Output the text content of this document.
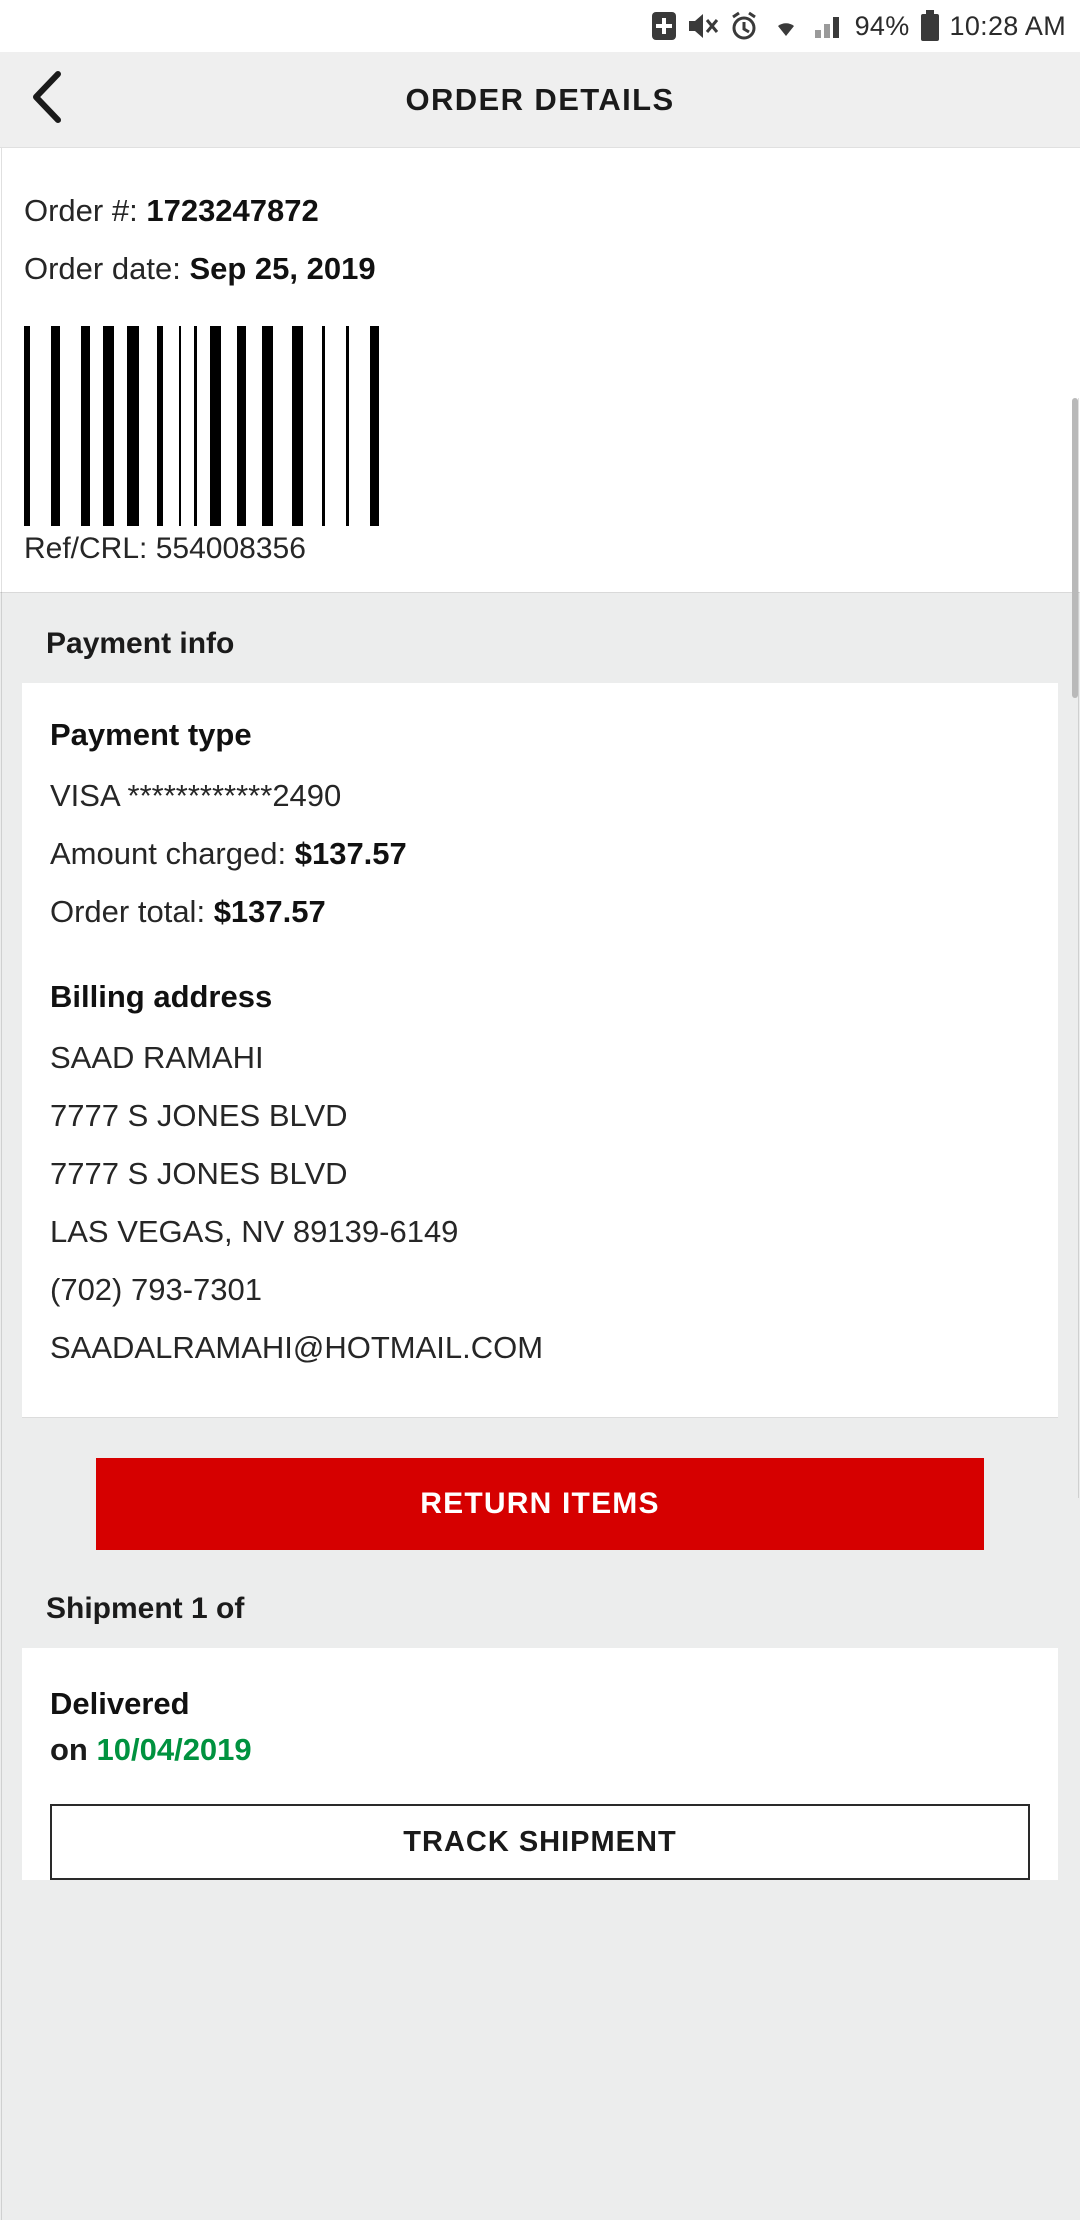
94% 10:28 AM
ORDER DETAILS
Order #: 1723247872
Order date: Sep 25, 2019
Ref/CRL: 554008356
Payment info
Payment type
VISA ************2490
Amount charged: $137.57
Order total: $137.57
Billing address
SAAD RAMAHI
7777 S JONES BLVD
7777 S JONES BLVD
LAS VEGAS, NV 89139-6149
(702) 793-7301
SAADALRAMAHI@HOTMAIL.COM
RETURN ITEMS
Shipment 1 of
Delivered
on 10/04/2019
TRACK SHIPMENT
